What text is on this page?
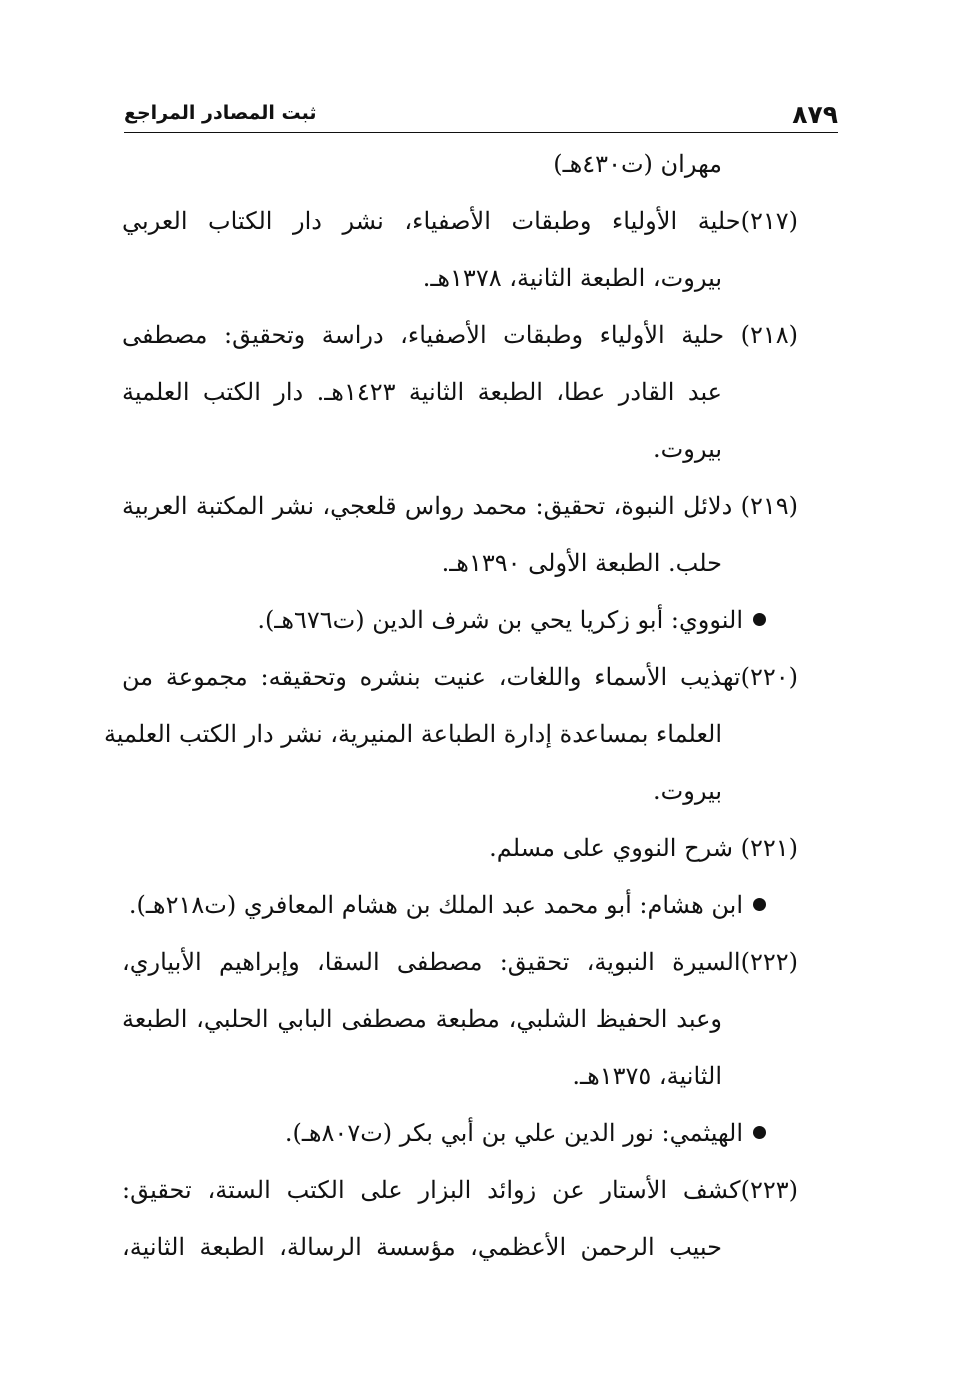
٨٧٩
ثبت المصادر المراجع
مهران (ت٤٣٠هـ)
(٢١٧)حلية الأولياء وطبقات الأصفياء، نشر دار الكتاب العربي
بيروت، الطبعة الثانية، ١٣٧٨هـ.
(٢١٨) حلية الأولياء وطبقات الأصفياء، دراسة وتحقيق: مصطفى
عبد القادر عطا، الطبعة الثانية ١٤٢٣هـ. دار الكتب العلمية
بيروت.
(٢١٩) دلائل النبوة، تحقيق: محمد رواس قلعجي، نشر المكتبة العربية
حلب. الطبعة الأولى ١٣٩٠هـ.
النووي: أبو زكريا يحي بن شرف الدين (ت٦٧٦هـ).
(٢٢٠)تهذيب الأسماء واللغات، عنيت بنشره وتحقيقه: مجموعة من
العلماء بمساعدة إدارة الطباعة المنيرية، نشر دار الكتب العلمية
بيروت.
(٢٢١) شرح النووي على مسلم.
ابن هشام: أبو محمد عبد الملك بن هشام المعافري (ت٢١٨هـ).
(٢٢٢)السيرة النبوية، تحقيق: مصطفى السقا، وإبراهيم الأبياري،
وعبد الحفيظ الشلبي، مطبعة مصطفى البابي الحلبي، الطبعة
الثانية، ١٣٧٥هـ.
الهيثمي: نور الدين علي بن أبي بكر (ت٨٠٧هـ).
(٢٢٣)كشف الأستار عن زوائد البزار على الكتب الستة، تحقيق:
حبيب الرحمن الأعظمي، مؤسسة الرسالة، الطبعة الثانية،
